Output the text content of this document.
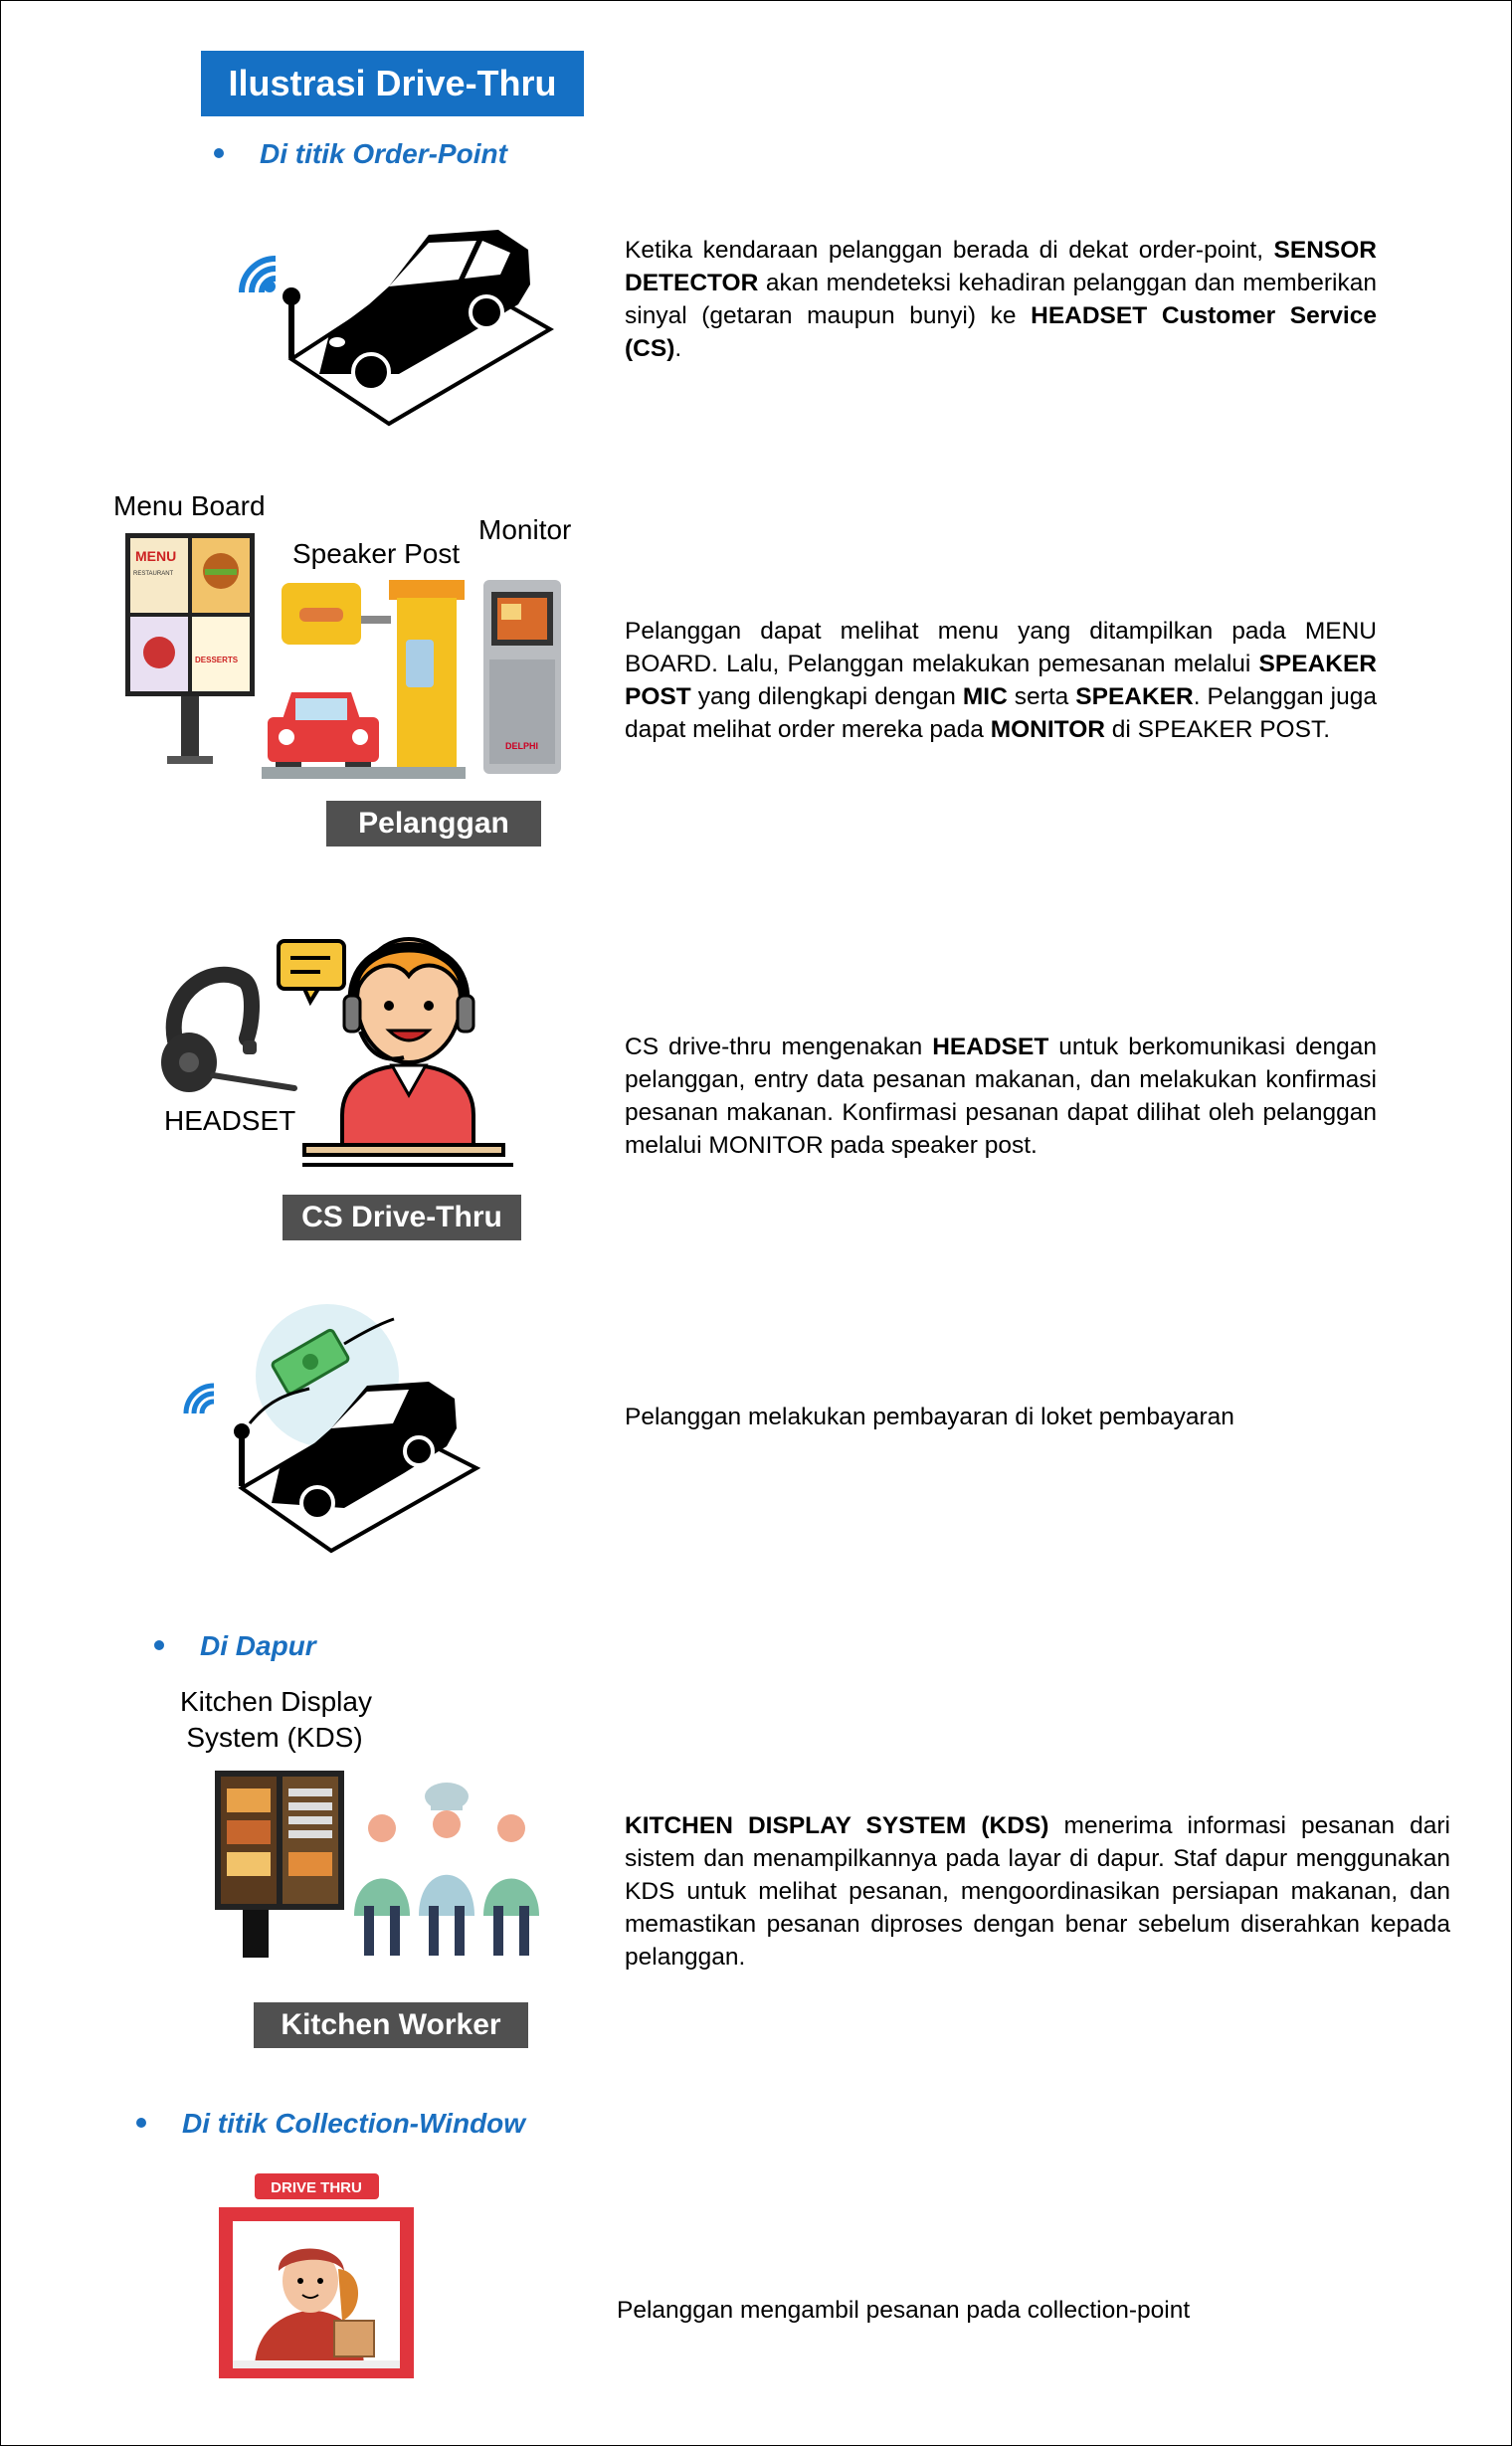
Ilustrasi Drive-Thru
Di titik Order-Point
Ketika kendaraan pelanggan berada di dekat order-point, SENSOR DETECTOR akan mendeteksi kehadiran pelanggan dan memberikan sinyal (getaran maupun bunyi) ke HEADSET Customer Service (CS).
Menu Board
Speaker Post
Monitor
MENU
RESTAURANT
DESSERTS
DELPHI
Pelanggan
Pelanggan dapat melihat menu yang ditampilkan pada MENU BOARD. Lalu, Pelanggan melakukan pemesanan melalui SPEAKER POST yang dilengkapi dengan MIC serta SPEAKER. Pelanggan juga dapat melihat order mereka pada MONITOR di SPEAKER POST.
HEADSET
CS Drive-Thru
CS drive-thru mengenakan HEADSET untuk berkomunikasi dengan pelanggan, entry data pesanan makanan, dan melakukan konfirmasi pesanan makanan. Konfirmasi pesanan dapat dilihat oleh pelanggan melalui MONITOR pada speaker post.
Pelanggan melakukan pembayaran di loket pembayaran
Di Dapur
Kitchen Display
System (KDS)
Kitchen Worker
KITCHEN DISPLAY SYSTEM (KDS) menerima informasi pesanan dari sistem dan menampilkannya pada layar di dapur. Staf dapur menggunakan KDS untuk melihat pesanan, mengoordinasikan persiapan makanan, dan memastikan pesanan diproses dengan benar sebelum diserahkan kepada pelanggan.
Di titik Collection-Window
DRIVE THRU
Pelanggan mengambil pesanan pada collection-point
